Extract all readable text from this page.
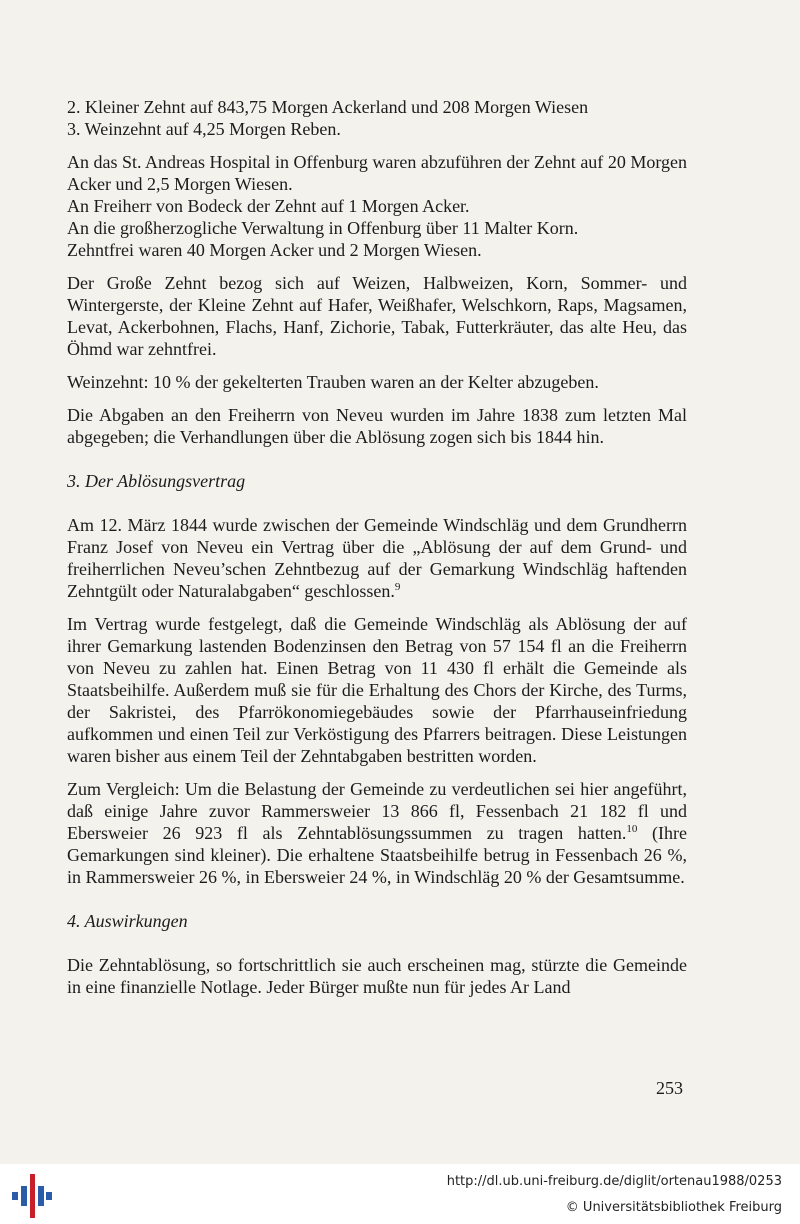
2. Kleiner Zehnt auf 843,75 Morgen Ackerland und 208 Morgen Wiesen

3. Weinzehnt auf 4,25 Morgen Reben.

An das St. Andreas Hospital in Offenburg waren abzuführen der Zehnt auf 20 Morgen Acker und 2,5 Morgen Wiesen.

An Freiherr von Bodeck der Zehnt auf 1 Morgen Acker.

An die großherzogliche Verwaltung in Offenburg über 11 Malter Korn.

Zehntfrei waren 40 Morgen Acker und 2 Morgen Wiesen.

Der Große Zehnt bezog sich auf Weizen, Halbweizen, Korn, Sommer- und Wintergerste, der Kleine Zehnt auf Hafer, Weißhafer, Welschkorn, Raps, Magsamen, Levat, Ackerbohnen, Flachs, Hanf, Zichorie, Tabak, Futterkräuter, das alte Heu, das Öhmd war zehntfrei.

Weinzehnt: 10 % der gekelterten Trauben waren an der Kelter abzugeben.

Die Abgaben an den Freiherrn von Neveu wurden im Jahre 1838 zum letzten Mal abgegeben; die Verhandlungen über die Ablösung zogen sich bis 1844 hin.

3. Der Ablösungsvertrag

Am 12. März 1844 wurde zwischen der Gemeinde Windschläg und dem Grundherrn Franz Josef von Neveu ein Vertrag über die „Ablösung der auf dem Grund- und freiherrlichen Neveu’schen Zehntbezug auf der Gemarkung Windschläg haftenden Zehntgült oder Naturalabgaben“ geschlossen.$^9$

Im Vertrag wurde festgelegt, daß die Gemeinde Windschläg als Ablösung der auf ihrer Gemarkung lastenden Bodenzinsen den Betrag von 57 154 fl an die Freiherrn von Neveu zu zahlen hat. Einen Betrag von 11 430 fl erhält die Gemeinde als Staatsbeihilfe. Außerdem muß sie für die Erhaltung des Chors der Kirche, des Turms, der Sakristei, des Pfarrökonomiegebäudes sowie der Pfarrhauseinfriedung aufkommen und einen Teil zur Verköstigung des Pfarrers beitragen. Diese Leistungen waren bisher aus einem Teil der Zehntabgaben bestritten worden.

Zum Vergleich: Um die Belastung der Gemeinde zu verdeutlichen sei hier angeführt, daß einige Jahre zuvor Rammersweier 13 866 fl, Fessenbach 21 182 fl und Ebersweier 26 923 fl als Zehntablösungssummen zu tragen hatten.$^{10}$ (Ihre Gemarkungen sind kleiner). Die erhaltene Staatsbeihilfe betrug in Fessenbach 26 %, in Rammersweier 26 %, in Ebersweier 24 %, in Windschläg 20 % der Gesamtsumme.

4. Auswirkungen

Die Zehntablösung, so fortschrittlich sie auch erscheinen mag, stürzte die Gemeinde in eine finanzielle Notlage. Jeder Bürger mußte nun für jedes Ar Land

253
http://dl.ub.uni-freiburg.de/diglit/ortenau1988/0253
© Universitätsbibliothek Freiburg
